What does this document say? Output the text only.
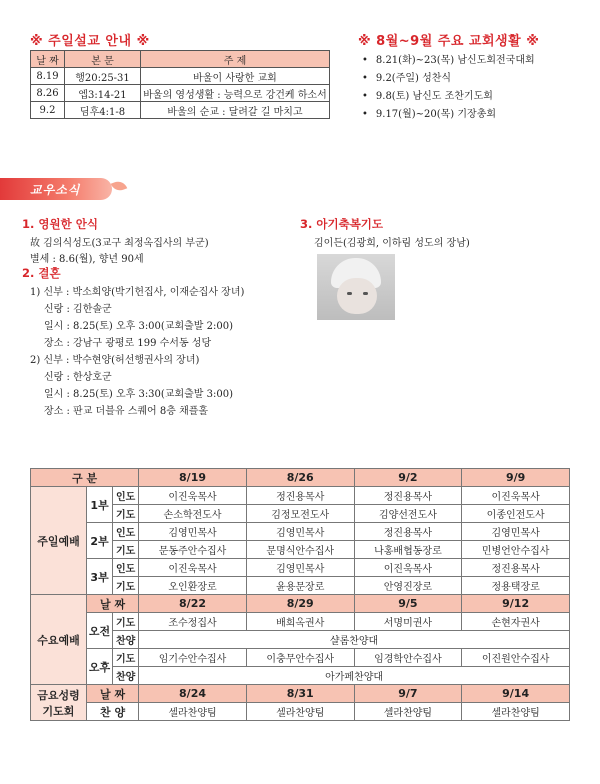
※ 주일설교 안내 ※
날 짜	본 문	주 제
8.19	행20:25-31	바울이 사랑한 교회
8.26	엡3:14-21	바울의 영성생활 : 능력으로 강건케 하소서
9.2	딤후4:1-8	바울의 순교 : 달려갈 길 마치고
※ 8월~9월 주요 교회생활 ※
• 8.21(화)~23(목) 남신도회전국대회
• 9.2(주일) 성찬식
• 9.8(토) 남신도 조찬기도회
• 9.17(월)~20(목) 기장총회
교우소식
1. 영원한 안식
故 김의식성도(3교구 최정옥집사의 부군)
별세 : 8.6(월), 향년 90세
2. 결혼
1) 신부 : 박소희양(박기헌집사, 이재순집사 장녀)
신랑 : 김한솔군
일시 : 8.25(토) 오후 3:00(교회출발 2:00)
장소 : 강남구 광평로 199 수서동 성당
2) 신부 : 박수현양(허선행권사의 장녀)
신랑 : 한상호군
일시 : 8.25(토) 오후 3:30(교회출발 3:00)
장소 : 판교 더블유 스퀘어 8층 채플홀
3. 아기축복기도
김이든(김광희, 이하림 성도의 장남)
구 분			8/19	8/26	9/2	9/9
주일예배	1부	인도	이진욱목사	정진용목사	정진용목사	이진욱목사
		기도	손소학전도사	김정모전도사	김양선전도사	이종인전도사
	2부	인도	김영민목사	김영민목사	정진용목사	김영민목사
		기도	문동주안수집사	문명식안수집사	나홍배협동장로	민병언안수집사
	3부	인도	이진욱목사	김영민목사	이진욱목사	정진용목사
		기도	오인환장로	윤용문장로	안영진장로	정용택장로
수요예배	날 짜		8/22	8/29	9/5	9/12
	오전	기도	조수정집사	배희옥권사	서명미권사	손현자권사
		찬양	샬롬찬양대			
	오후	기도	임기수안수집사	이충무안수집사	임경학안수집사	이진원안수집사
		찬양	아가페찬양대			

금요성령
기도회	날 짜		8/24	8/31	9/7	9/14
	찬 양		셀라찬양팀	셀라찬양팀	셀라찬양팀	셀라찬양팀
